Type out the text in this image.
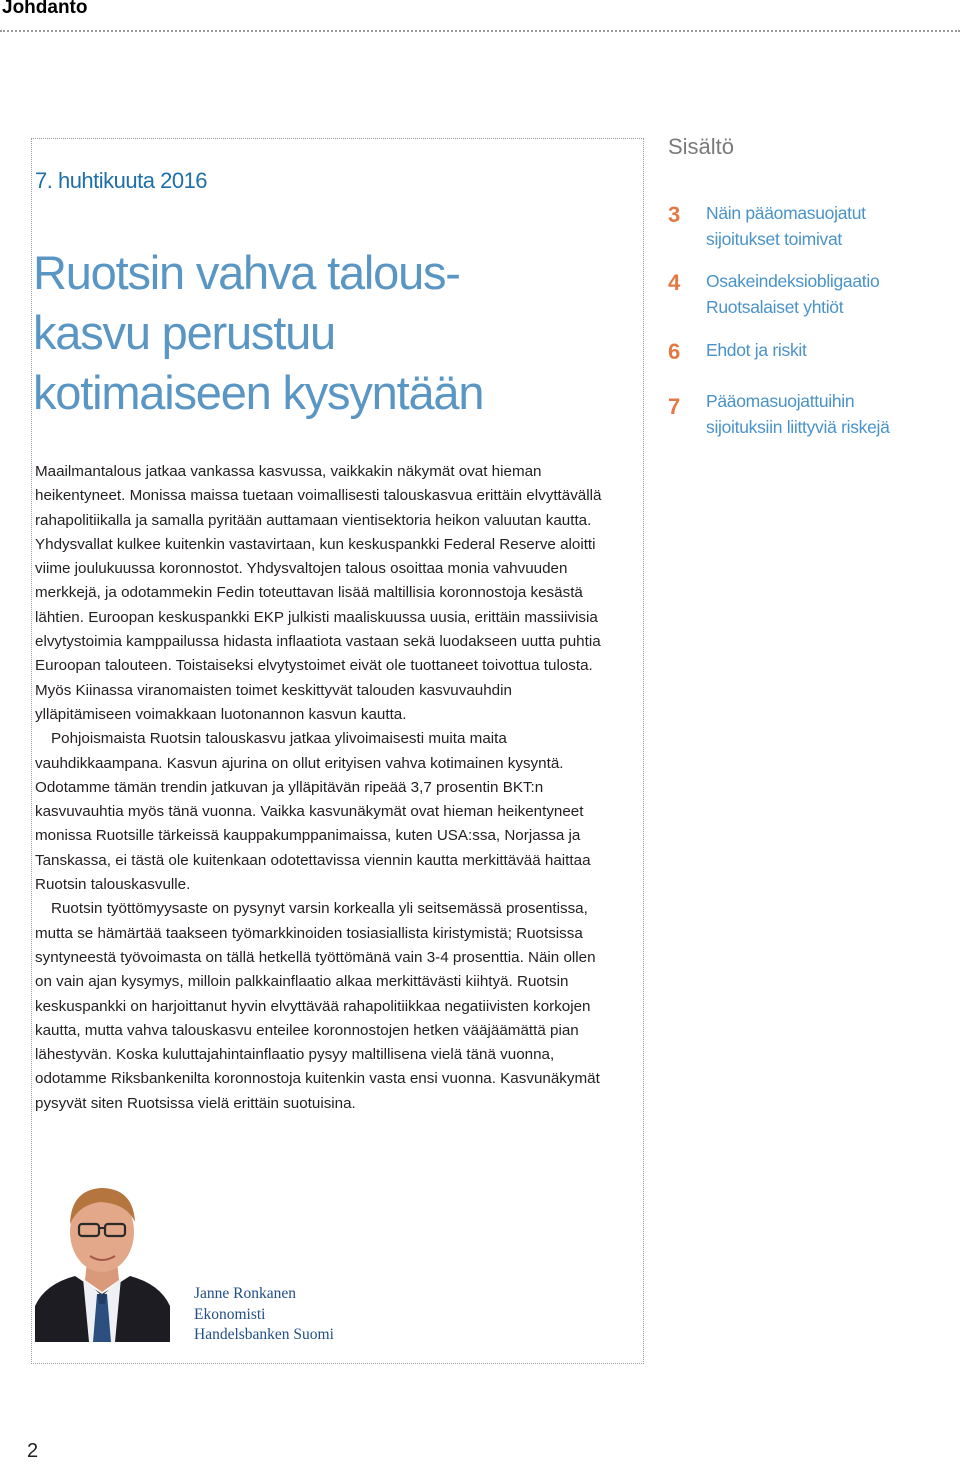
Johdanto
7. huhtikuuta 2016
Ruotsin vahva talous-
kasvu perustuu
kotimaiseen kysyntään

Maailmantalous jatkaa vankassa kasvussa, vaikkakin näkymät ovat hieman heikentyneet. Monissa maissa tuetaan voimallisesti talouskasvua erittäin elvyttävällä rahapolitiikalla ja samalla pyritään auttamaan vientisektoria heikon valuutan kautta. Yhdysvallat kulkee kuitenkin vastavirtaan, kun keskuspankki Federal Reserve aloitti viime joulukuussa koronnostot. Yhdysvaltojen talous osoittaa monia vahvuuden merkkejä, ja odotammekin Fedin toteuttavan lisää maltillisia koronnostoja kesästä lähtien. Euroopan keskuspankki EKP julkisti maaliskuussa uusia, erittäin massiivisia elvytystoimia kamppailussa hidasta inflaatiota vastaan sekä luodakseen uutta puhtia Euroopan talouteen. Toistaiseksi elvytystoimet eivät ole tuottaneet toivottua tulosta. Myös Kiinassa viranomaisten toimet keskittyvät talouden kasvuvauhdin ylläpitämiseen voimakkaan luotonannon kasvun kautta.

Pohjoismaista Ruotsin talouskasvu jatkaa ylivoimaisesti muita maita vauhdikkaampana. Kasvun ajurina on ollut erityisen vahva kotimainen kysyntä. Odotamme tämän trendin jatkuvan ja ylläpitävän ripeää 3,7 prosentin BKT:n kasvuvauhtia myös tänä vuonna. Vaikka kasvunäkymät ovat hieman heikentyneet monissa Ruotsille tärkeissä kauppakumppanimaissa, kuten USA:ssa, Norjassa ja Tanskassa, ei tästä ole kuitenkaan odotettavissa viennin kautta merkittävää haittaa Ruotsin talouskasvulle.

Ruotsin työttömyysaste on pysynyt varsin korkealla yli seitsemässä prosentissa, mutta se hämärtää taakseen työmarkkinoiden tosiasiallista kiristymistä; Ruotsissa syntyneestä työvoimasta on tällä hetkellä työttömänä vain 3-4 prosenttia. Näin ollen on vain ajan kysymys, milloin palkkainflaatio alkaa merkittävästi kiihtyä. Ruotsin keskuspankki on harjoittanut hyvin elvyttävää rahapolitiikkaa negatiivisten korkojen kautta, mutta vahva talouskasvu enteilee koronnostojen hetken vääjäämättä pian lähestyvän. Koska kuluttajahintainflaatio pysyy maltillisena vielä tänä vuonna, odotamme Riksbankenilta koronnostoja kuitenkin vasta ensi vuonna. Kasvunäkymät pysyvät siten Ruotsissa vielä erittäin suotuisina.

Janne Ronkanen
Ekonomisti
Handelsbanken Suomi
Sisältö
3	Näin pääomasuojatut
sijoitukset toimivat
4	Osakeindeksiobligaatio
Ruotsalaiset yhtiöt
6	Ehdot ja riskit
7	Pääomasuojattuihin
sijoituksiin liittyviä riskejä
2
